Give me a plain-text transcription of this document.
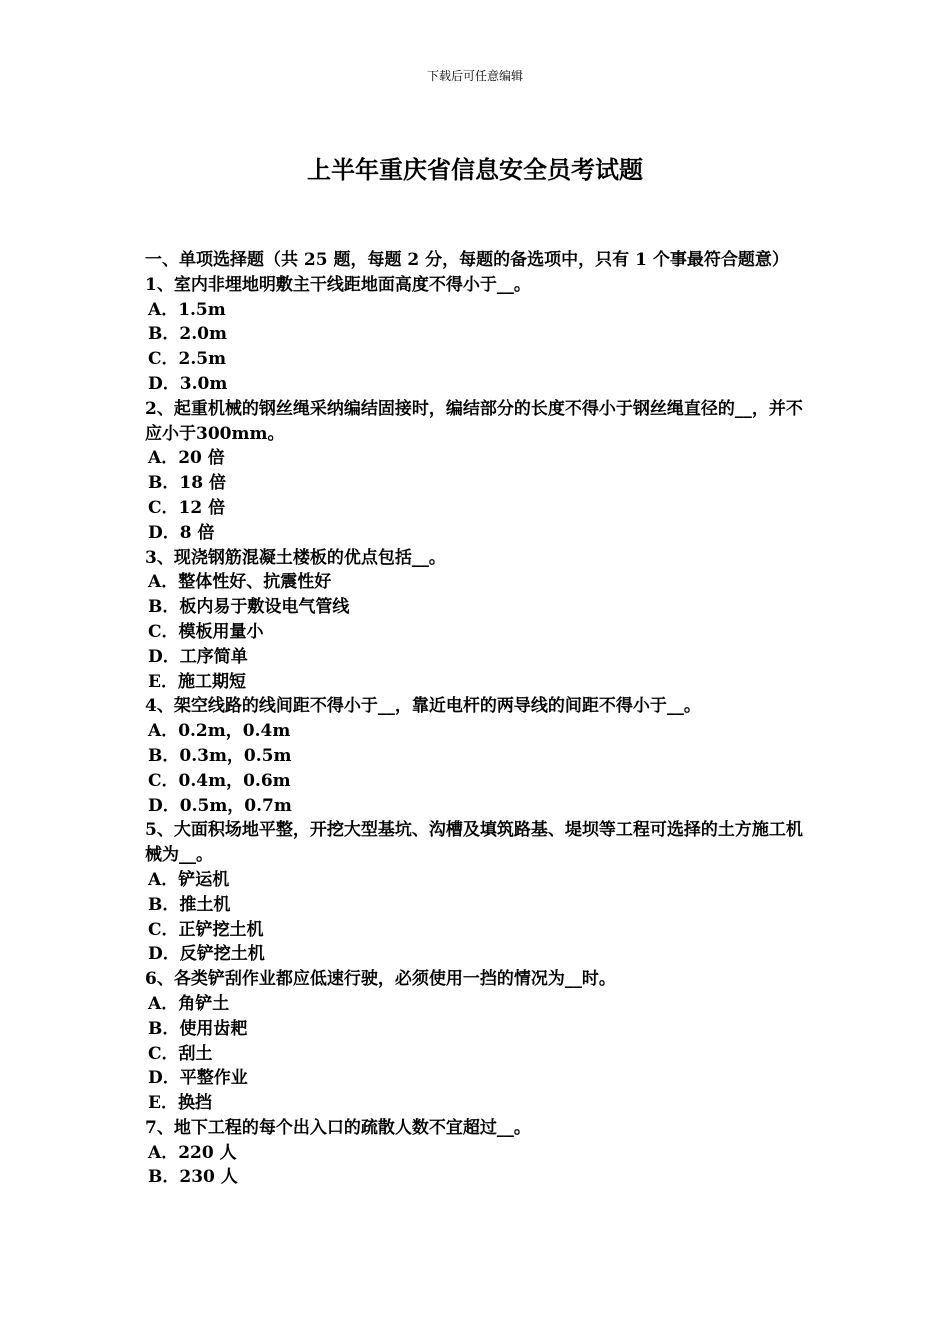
下载后可任意编辑
上半年重庆省信息安全员考试题

一、单项选择题（共 25 题，每题 2 分，每题的备选项中，只有 1 个事最符合题意）

1、室内非埋地明敷主干线距地面高度不得小于__。

A．1.5m

B．2.0m

C．2.5m

D．3.0m

2、起重机械的钢丝绳采纳编结固接时，编结部分的长度不得小于钢丝绳直径的__，并不应小于300mm。

A．20 倍

B．18 倍

C．12 倍

D．8 倍

3、现浇钢筋混凝土楼板的优点包括__。

A．整体性好、抗震性好

B．板内易于敷设电气管线

C．模板用量小

D．工序简单

E．施工期短

4、架空线路的线间距不得小于__，靠近电杆的两导线的间距不得小于__。

A．0.2m，0.4m

B．0.3m，0.5m

C．0.4m，0.6m

D．0.5m，0.7m

5、大面积场地平整，开挖大型基坑、沟槽及填筑路基、堤坝等工程可选择的土方施工机械为__。

A．铲运机

B．推土机

C．正铲挖土机

D．反铲挖土机

6、各类铲刮作业都应低速行驶，必须使用一挡的情况为__时。

A．角铲土

B．使用齿耙

C．刮土

D．平整作业

E．换挡

7、地下工程的每个出入口的疏散人数不宜超过__。

A．220 人

B．230 人
